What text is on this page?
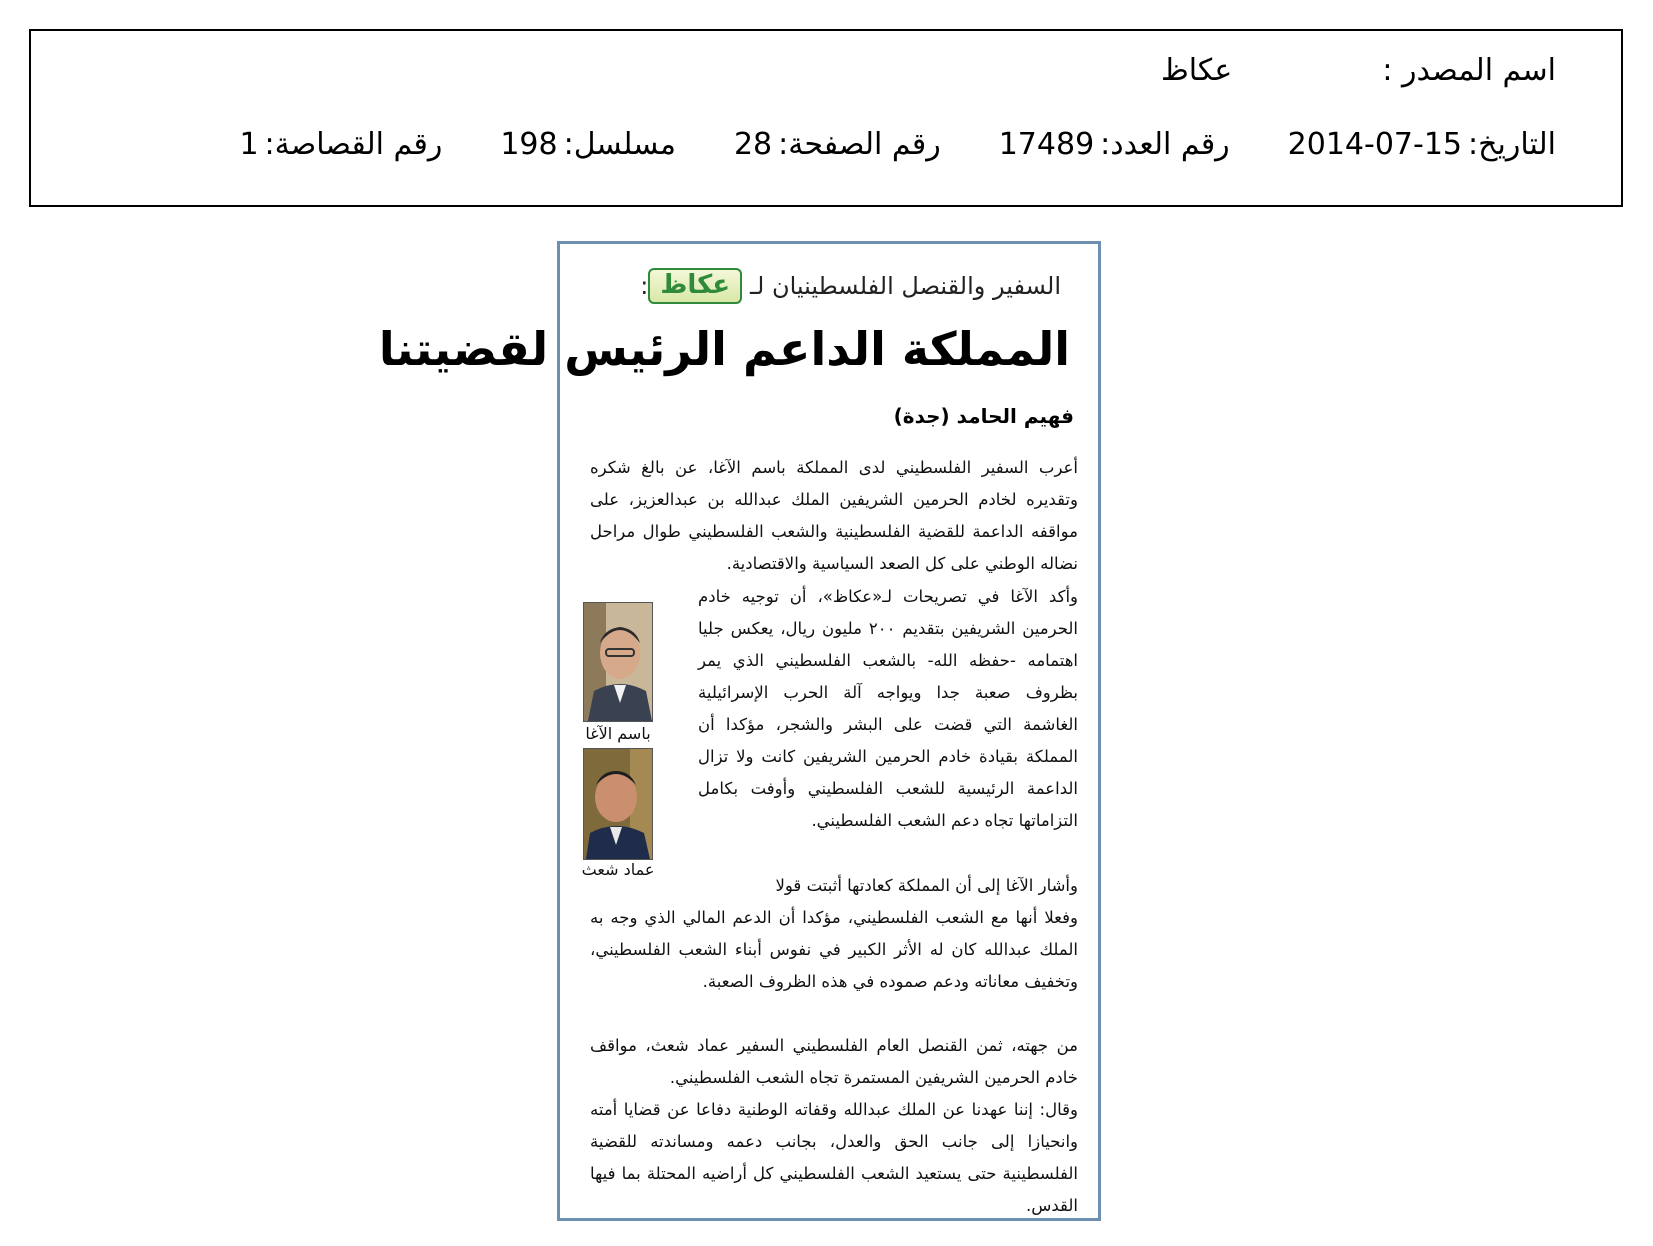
اسم المصدر :
عكاظ
التاريخ:
2014-07-15
رقم العدد:
17489
رقم الصفحة:
28
مسلسل:
198
رقم القصاصة:
1
السفير والقنصل الفلسطينيان لـ
عكاظ
:
المملكة الداعم الرئيس لقضيتنا
فهيم الحامد (جدة)
أعرب السفير الفلسطيني لدى المملكة باسم الآغا، عن بالغ شكره وتقديره لخادم الحرمين الشريفين الملك عبدالله بن عبدالعزيز، على مواقفه الداعمة للقضية الفلسطينية والشعب الفلسطيني طوال مراحل نضاله الوطني على كل الصعد السياسية والاقتصادية.
وأكد الآغا في تصريحات لـ«عكاظ»، أن توجيه خادم الحرمين الشريفين بتقديم ٢٠٠ مليون ريال، يعكس جليا اهتمامه -حفظه الله- بالشعب الفلسطيني الذي يمر بظروف صعبة جدا ويواجه آلة الحرب الإسرائيلية الغاشمة التي قضت على البشر والشجر، مؤكدا أن المملكة بقيادة خادم الحرمين الشريفين كانت ولا تزال الداعمة الرئيسية للشعب الفلسطيني وأوفت بكامل التزاماتها تجاه دعم الشعب الفلسطيني.
وأشار الآغا إلى أن المملكة كعادتها أثبتت قولا
وفعلا أنها مع الشعب الفلسطيني، مؤكدا أن الدعم المالي الذي وجه به الملك عبدالله كان له الأثر الكبير في نفوس أبناء الشعب الفلسطيني، وتخفيف معاناته ودعم صموده في هذه الظروف الصعبة.
من جهته، ثمن القنصل العام الفلسطيني السفير عماد شعث، مواقف خادم الحرمين الشريفين المستمرة تجاه الشعب الفلسطيني.
وقال: إننا عهدنا عن الملك عبدالله وقفاته الوطنية دفاعا عن قضايا أمته وانحيازا إلى جانب الحق والعدل، بجانب دعمه ومساندته للقضية الفلسطينية حتى يستعيد الشعب الفلسطيني كل أراضيه المحتلة بما فيها القدس.
باسم الآغا
عماد شعث
